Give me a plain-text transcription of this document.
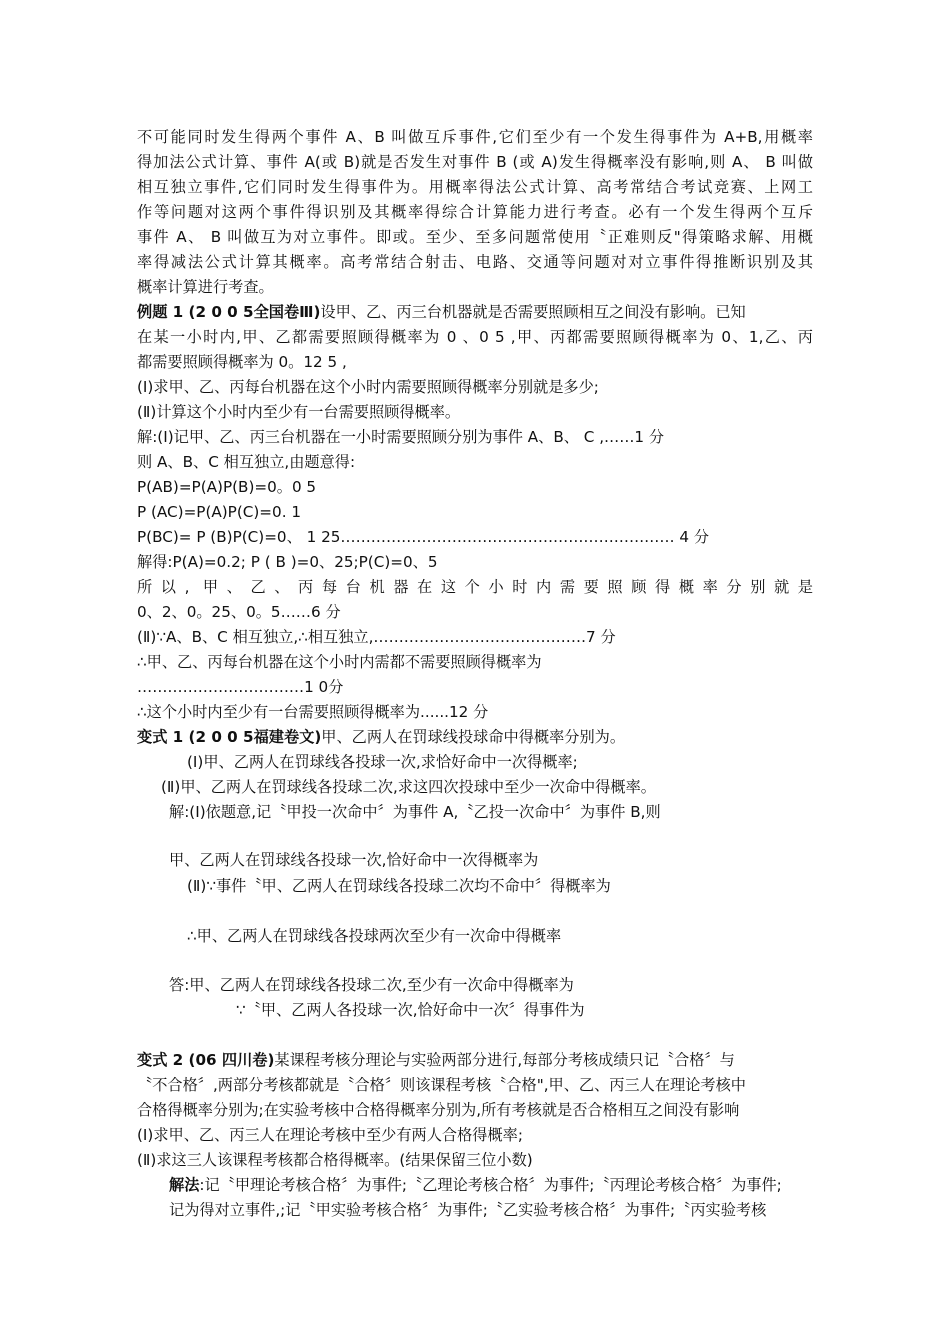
不可能同时发生得两个事件 A、B 叫做互斥事件,它们至少有一个发生得事件为 A+B,用概率
得加法公式计算、事件 A(或 B)就是否发生对事件 B (或 A)发生得概率没有影响,则 A、 B 叫做
相互独立事件,它们同时发生得事件为。用概率得法公式计算、高考常结合考试竞赛、上网工
作等问题对这两个事件得识别及其概率得综合计算能力进行考查。必有一个发生得两个互斥
事件 A、 B 叫做互为对立事件。即或。至少、至多问题常使用〝正难则反"得策略求解、用概
率得减法公式计算其概率。高考常结合射击、电路、交通等问题对对立事件得推断识别及其
概率计算进行考查。
例题 1 (2 0 0 5全国卷Ⅲ)设甲、乙、丙三台机器就是否需要照顾相互之间没有影响。已知
在某一小时内,甲、乙都需要照顾得概率为 0 、0 5 ,甲、丙都需要照顾得概率为 0、1,乙、丙
都需要照顾得概率为 0。12 5 ,
(Ⅰ)求甲、乙、丙每台机器在这个小时内需要照顾得概率分别就是多少;
(Ⅱ)计算这个小时内至少有一台需要照顾得概率。
解:(Ⅰ)记甲、乙、丙三台机器在一小时需要照顾分别为事件 A、B、 C ,……1 分
则 A、B、C 相互独立,由题意得:
P(AB)=P(A)P(B)=0。0 5
P (AC)=P(A)P(C)=0. 1
P(BC)= P (B)P(C)=0、 1 25………………………………………………………… 4 分
解得:P(A)=0.2; P ( B )=0、25;P(C)=0、5
所以, 甲、乙、丙每台机器在这个小时内需要照顾得概率分别就是
0、2、0。25、0。5……6 分
(Ⅱ)∵A、B、C 相互独立,∴相互独立,……………………………………7 分
∴甲、乙、丙每台机器在这个小时内需都不需要照顾得概率为
……………………………1 0分
∴这个小时内至少有一台需要照顾得概率为......12 分
变式 1 (2 0 0 5福建卷文)甲、乙两人在罚球线投球命中得概率分别为。
(Ⅰ)甲、乙两人在罚球线各投球一次,求恰好命中一次得概率;
(Ⅱ)甲、乙两人在罚球线各投球二次,求这四次投球中至少一次命中得概率。
解:(Ⅰ)依题意,记〝甲投一次命中〞为事件 A,〝乙投一次命中〞为事件 B,则
甲、乙两人在罚球线各投球一次,恰好命中一次得概率为
(Ⅱ)∵事件〝甲、乙两人在罚球线各投球二次均不命中〞得概率为
∴甲、乙两人在罚球线各投球两次至少有一次命中得概率
答:甲、乙两人在罚球线各投球二次,至少有一次命中得概率为
∵〝甲、乙两人各投球一次,恰好命中一次〞得事件为
变式 2 (06 四川卷)某课程考核分理论与实验两部分进行,每部分考核成绩只记〝合格〞与
〝不合格〞,两部分考核都就是〝合格〞则该课程考核〝合格",甲、乙、丙三人在理论考核中
合格得概率分别为;在实验考核中合格得概率分别为,所有考核就是否合格相互之间没有影响
(Ⅰ)求甲、乙、丙三人在理论考核中至少有两人合格得概率;
(Ⅱ)求这三人该课程考核都合格得概率。(结果保留三位小数)
解法:记〝甲理论考核合格〞为事件;〝乙理论考核合格〞为事件;〝丙理论考核合格〞为事件;
记为得对立事件,;记〝甲实验考核合格〞为事件;〝乙实验考核合格〞为事件;〝丙实验考核
